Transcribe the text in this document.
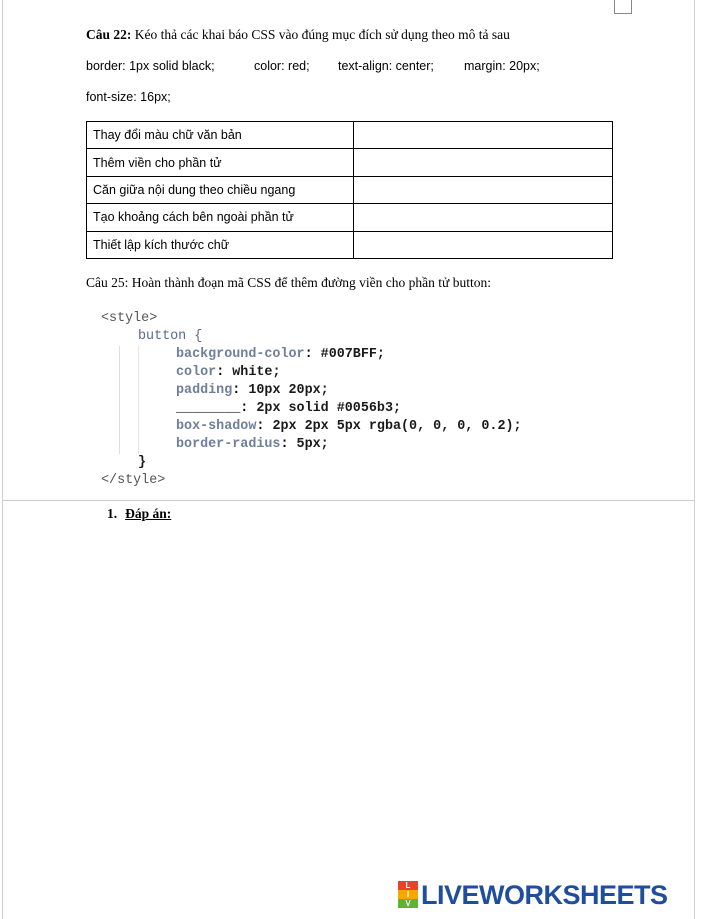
Câu 22: Kéo thả các khai báo CSS vào đúng mục đích sử dụng theo mô tả sau
border: 1px solid black;	color: red; text-align: center; margin: 20px;
font-size: 16px;
Thay đổi màu chữ văn bản	
Thêm viền cho phần tử	
Căn giữa nội dung theo chiều ngang	
Tạo khoảng cách bên ngoài phần tử	
Thiết lập kích thước chữ	
Câu 25: Hoàn thành đoạn mã CSS để thêm đường viền cho phần tử button:
<style>
button {
background-color: #007BFF;
color: white;
padding: 10px 20px;
________: 2px solid #0056b3;
box-shadow: 2px 2px 5px rgba(0, 0, 0, 0.2);
border-radius: 5px;
}
</style>
1. Đáp án:
L
I
V LIVEWORKSHEETS
